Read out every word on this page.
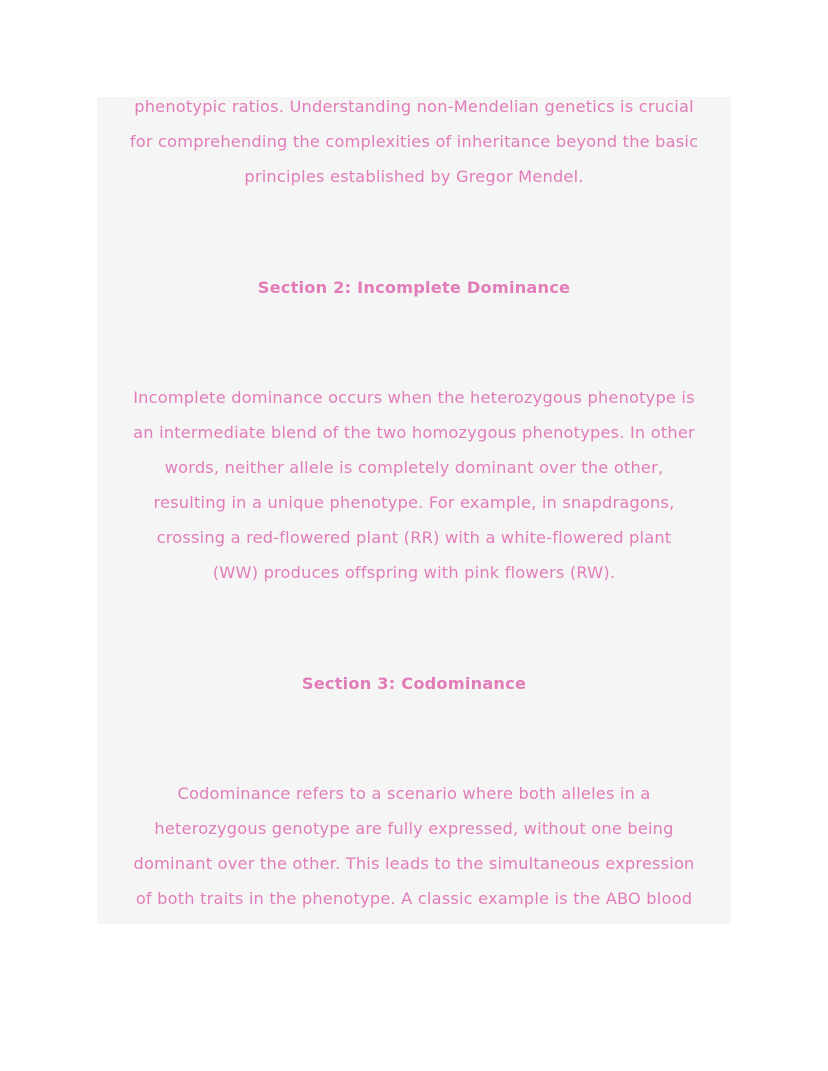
phenotypic ratios. Understanding non-Mendelian genetics is crucial
for comprehending the complexities of inheritance beyond the basic
principles established by Gregor Mendel.

Section 2: Incomplete Dominance

Incomplete dominance occurs when the heterozygous phenotype is
an intermediate blend of the two homozygous phenotypes. In other
words, neither allele is completely dominant over the other,
resulting in a unique phenotype. For example, in snapdragons,
crossing a red-flowered plant (RR) with a white-flowered plant
(WW) produces offspring with pink flowers (RW).

Section 3: Codominance

Codominance refers to a scenario where both alleles in a
heterozygous genotype are fully expressed, without one being
dominant over the other. This leads to the simultaneous expression
of both traits in the phenotype. A classic example is the ABO blood
